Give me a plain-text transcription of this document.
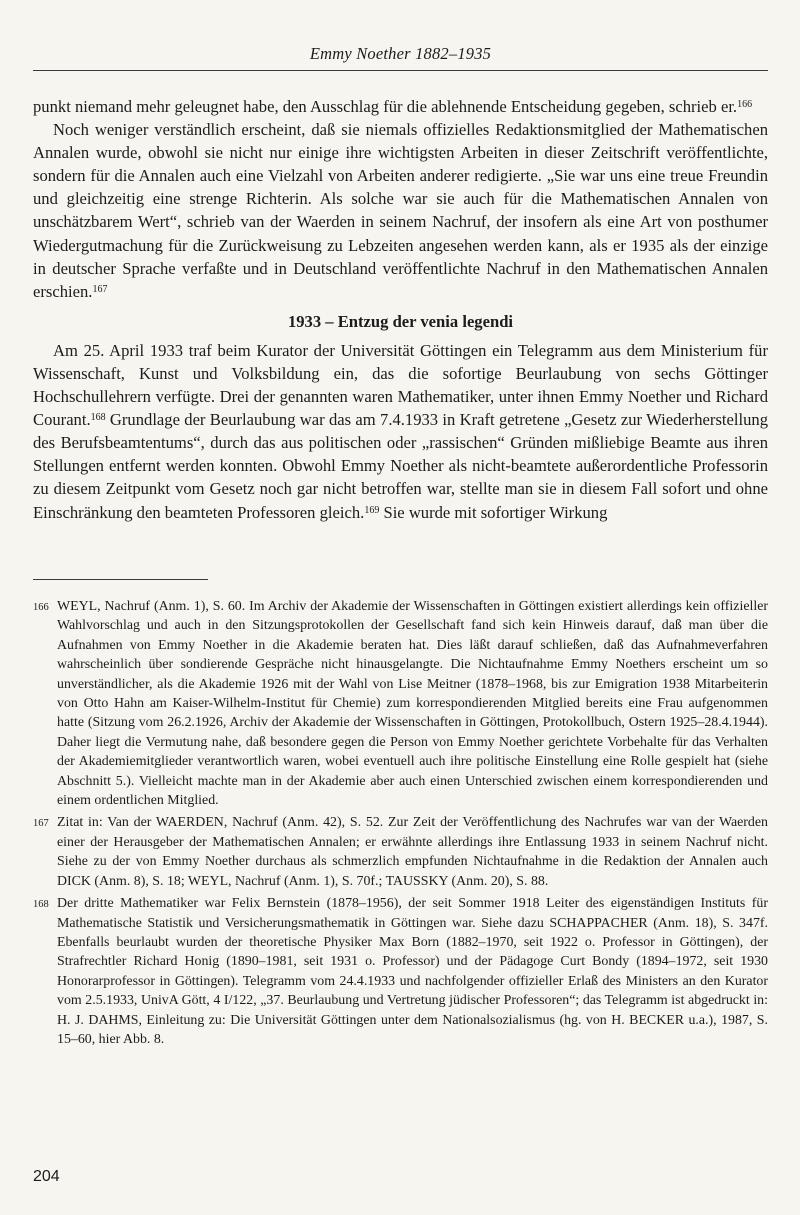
Emmy Noether 1882–1935

punkt niemand mehr geleugnet habe, den Ausschlag für die ablehnende Entscheidung gegeben, schrieb er.$^{166}$

Noch weniger verständlich erscheint, daß sie niemals offizielles Redaktionsmitglied der Mathematischen Annalen wurde, obwohl sie nicht nur einige ihre wichtigsten Arbeiten in dieser Zeitschrift veröffentlichte, sondern für die Annalen auch eine Vielzahl von Arbeiten anderer redigierte. „Sie war uns eine treue Freundin und gleichzeitig eine strenge Richterin. Als solche war sie auch für die Mathematischen Annalen von unschätzbarem Wert“, schrieb van der Waerden in seinem Nachruf, der insofern als eine Art von posthumer Wiedergutmachung für die Zurückweisung zu Lebzeiten angesehen werden kann, als er 1935 als der einzige in deutscher Sprache verfaßte und in Deutschland veröffentlichte Nachruf in den Mathematischen Annalen erschien.$^{167}$

1933 – Entzug der venia legendi

Am 25. April 1933 traf beim Kurator der Universität Göttingen ein Telegramm aus dem Ministerium für Wissenschaft, Kunst und Volksbildung ein, das die sofortige Beurlaubung von sechs Göttinger Hochschullehrern verfügte. Drei der genannten waren Mathematiker, unter ihnen Emmy Noether und Richard Courant.$^{168}$ Grundlage der Beurlaubung war das am 7.4.1933 in Kraft getretene „Gesetz zur Wiederherstellung des Berufsbeamtentums“, durch das aus politischen oder „rassischen“ Gründen mißliebige Beamte aus ihren Stellungen entfernt werden konnten. Obwohl Emmy Noether als nicht-beamtete außerordentliche Professorin zu diesem Zeitpunkt vom Gesetz noch gar nicht betroffen war, stellte man sie in diesem Fall sofort und ohne Einschränkung den beamteten Professoren gleich.$^{169}$ Sie wurde mit sofortiger Wirkung

166 WEYL, Nachruf (Anm. 1), S. 60. Im Archiv der Akademie der Wissenschaften in Göttingen existiert allerdings kein offizieller Wahlvorschlag und auch in den Sitzungsprotokollen der Gesellschaft fand sich kein Hinweis darauf, daß man über die Aufnahmen von Emmy Noether in die Akademie beraten hat. Dies läßt darauf schließen, daß das Aufnahmeverfahren wahrscheinlich über sondierende Gespräche nicht hinausgelangte. Die Nichtaufnahme Emmy Noethers erscheint um so unverständlicher, als die Akademie 1926 mit der Wahl von Lise Meitner (1878–1968, bis zur Emigration 1938 Mitarbeiterin von Otto Hahn am Kaiser-Wilhelm-Institut für Chemie) zum korrespondierenden Mitglied bereits eine Frau aufgenommen hatte (Sitzung vom 26.2.1926, Archiv der Akademie der Wissenschaften in Göttingen, Protokollbuch, Ostern 1925–28.4.1944). Daher liegt die Vermutung nahe, daß besondere gegen die Person von Emmy Noether gerichtete Vorbehalte für das Verhalten der Akademiemitglieder verantwortlich waren, wobei eventuell auch ihre politische Einstellung eine Rolle gespielt hat (siehe Abschnitt 5.). Vielleicht machte man in der Akademie aber auch einen Unterschied zwischen einem korrespondierenden und einem ordentlichen Mitglied.
167 Zitat in: Van der WAERDEN, Nachruf (Anm. 42), S. 52. Zur Zeit der Veröffentlichung des Nachrufes war van der Waerden einer der Herausgeber der Mathematischen Annalen; er erwähnte allerdings ihre Entlassung 1933 in seinem Nachruf nicht. Siehe zu der von Emmy Noether durchaus als schmerzlich empfunden Nichtaufnahme in die Redaktion der Annalen auch DICK (Anm. 8), S. 18; WEYL, Nachruf (Anm. 1), S. 70f.; TAUSSKY (Anm. 20), S. 88.
168 Der dritte Mathematiker war Felix Bernstein (1878–1956), der seit Sommer 1918 Leiter des eigenständigen Instituts für Mathematische Statistik und Versicherungsmathematik in Göttingen war. Siehe dazu SCHAPPACHER (Anm. 18), S. 347f. Ebenfalls beurlaubt wurden der theoretische Physiker Max Born (1882–1970, seit 1922 o. Professor in Göttingen), der Strafrechtler Richard Honig (1890–1981, seit 1931 o. Professor) und der Pädagoge Curt Bondy (1894–1972, seit 1930 Honorarprofessor in Göttingen). Telegramm vom 24.4.1933 und nachfolgender offizieller Erlaß des Ministers an den Kurator vom 2.5.1933, UnivA Gött, 4 I/122, „37. Beurlaubung und Vertretung jüdischer Professoren“; das Telegramm ist abgedruckt in: H. J. DAHMS, Einleitung zu: Die Universität Göttingen unter dem Nationalsozialismus (hg. von H. BECKER u.a.), 1987, S. 15–60, hier Abb. 8.
204
